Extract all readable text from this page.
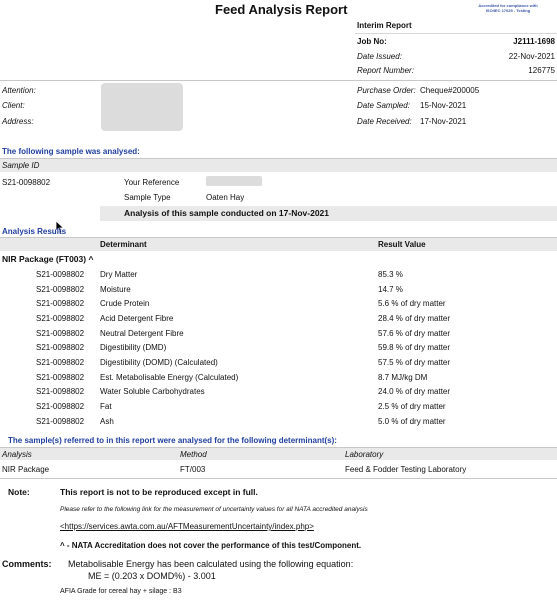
Feed Analysis Report	Accredited for compliance with
ISO/IEC 17025 - Testing
Interim Report
Job No:	J2111-1698
Date Issued:	22-Nov-2021
Report Number:	126775
Attention:
Client:
Address:
Purchase Order: Cheque#200005
Date Sampled: 15-Nov-2021
Date Received: 17-Nov-2021
The following sample was analysed:
Sample ID
S21-0098802	Your Reference
Sample Type	Oaten Hay
Analysis of this sample conducted on 17-Nov-2021
Analysis Results
Determinant	Result Value
NIR Package (FT003) ^
S21-0098802 Dry Matter	85.3 %
S21-0098802 Moisture	14.7 %
S21-0098802 Crude Protein	5.6 % of dry matter
S21-0098802 Acid Detergent Fibre	28.4 % of dry matter
S21-0098802 Neutral Detergent Fibre	57.6 % of dry matter
S21-0098802 Digestibility (DMD)	59.8 % of dry matter
S21-0098802 Digestibility (DOMD) (Calculated)	57.5 % of dry matter
S21-0098802 Est. Metabolisable Energy (Calculated)	8.7 MJ/kg DM
S21-0098802 Water Soluble Carbohydrates	24.0 % of dry matter
S21-0098802 Fat	2.5 % of dry matter
S21-0098802 Ash	5.0 % of dry matter
The sample(s) referred to in this report were analysed for the following determinant(s):
Analysis	Method	Laboratory
NIR Package	FT/003	Feed & Fodder Testing Laboratory
Note:	This report is not to be reproduced except in full.
Please refer to the following link for the measurement of uncertainty values for all NATA accredited analysis
<https://services.awta.com.au/AFTMeasurementUncertainty/index.php>
^ - NATA Accreditation does not cover the performance of this test/Component.
Comments: Metabolisable Energy has been calculated using the following equation:
ME = (0.203 x DOMD%) - 3.001
AFIA Grade for cereal hay + silage : B3
